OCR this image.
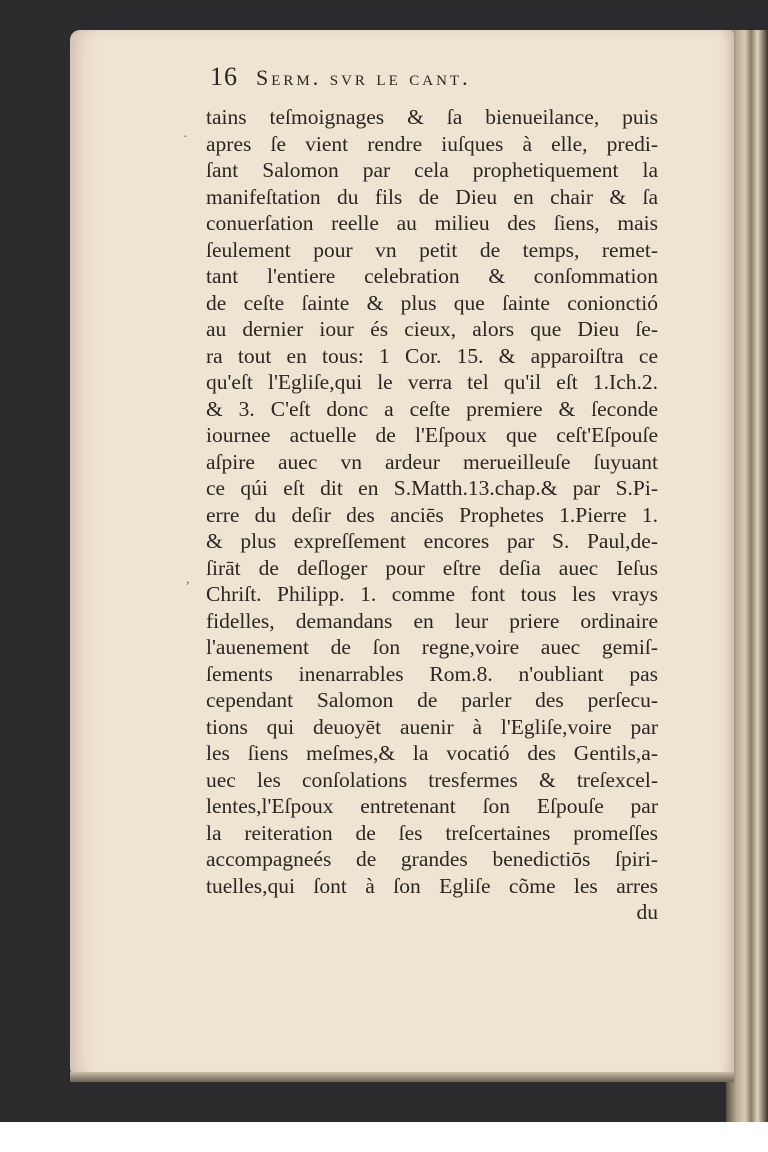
16 Serm. svr le cant.
·
,
tains teſmoignages & ſa bienueilance, puis
apres ſe vient rendre iuſques à elle, predi-
ſant Salomon par cela prophetiquement la
manifeſtation du fils de Dieu en chair & ſa
conuerſation reelle au milieu des ſiens, mais
ſeulement pour vn petit de temps, remet-
tant l'entiere celebration & conſommation
de ceſte ſainte & plus que ſainte conionctió
au dernier iour és cieux, alors que Dieu ſe-
ra tout en tous: 1 Cor. 15. & apparoiſtra ce
qu'eſt l'Egliſe,qui le verra tel qu'il eſt 1.Ich.2.
& 3. C'eſt donc a ceſte premiere & ſeconde
iournee actuelle de l'Eſpoux que ceſt'Eſpouſe
aſpire auec vn ardeur merueilleuſe ſuyuant
ce qúi eſt dit en S.Matth.13.chap.& par S.Pi-
erre du deſir des anciēs Prophetes 1.Pierre 1.
& plus expreſſement encores par S. Paul,de-
ſirāt de deſloger pour eſtre deſia auec Ieſus
Chriſt. Philipp. 1. comme font tous les vrays
fidelles, demandans en leur priere ordinaire
l'auenement de ſon regne,voire auec gemiſ-
ſements inenarrables Rom.8. n'oubliant pas
cependant Salomon de parler des perſecu-
tions qui deuoyēt auenir à l'Egliſe,voire par
les ſiens meſmes,& la vocatió des Gentils,a-
uec les conſolations tresfermes & treſexcel-
lentes,l'Eſpoux entretenant ſon Eſpouſe par
la reiteration de ſes treſcertaines promeſſes
accompagneés de grandes benedictiōs ſpiri-
tuelles,qui ſont à ſon Egliſe cõme les arres
du
